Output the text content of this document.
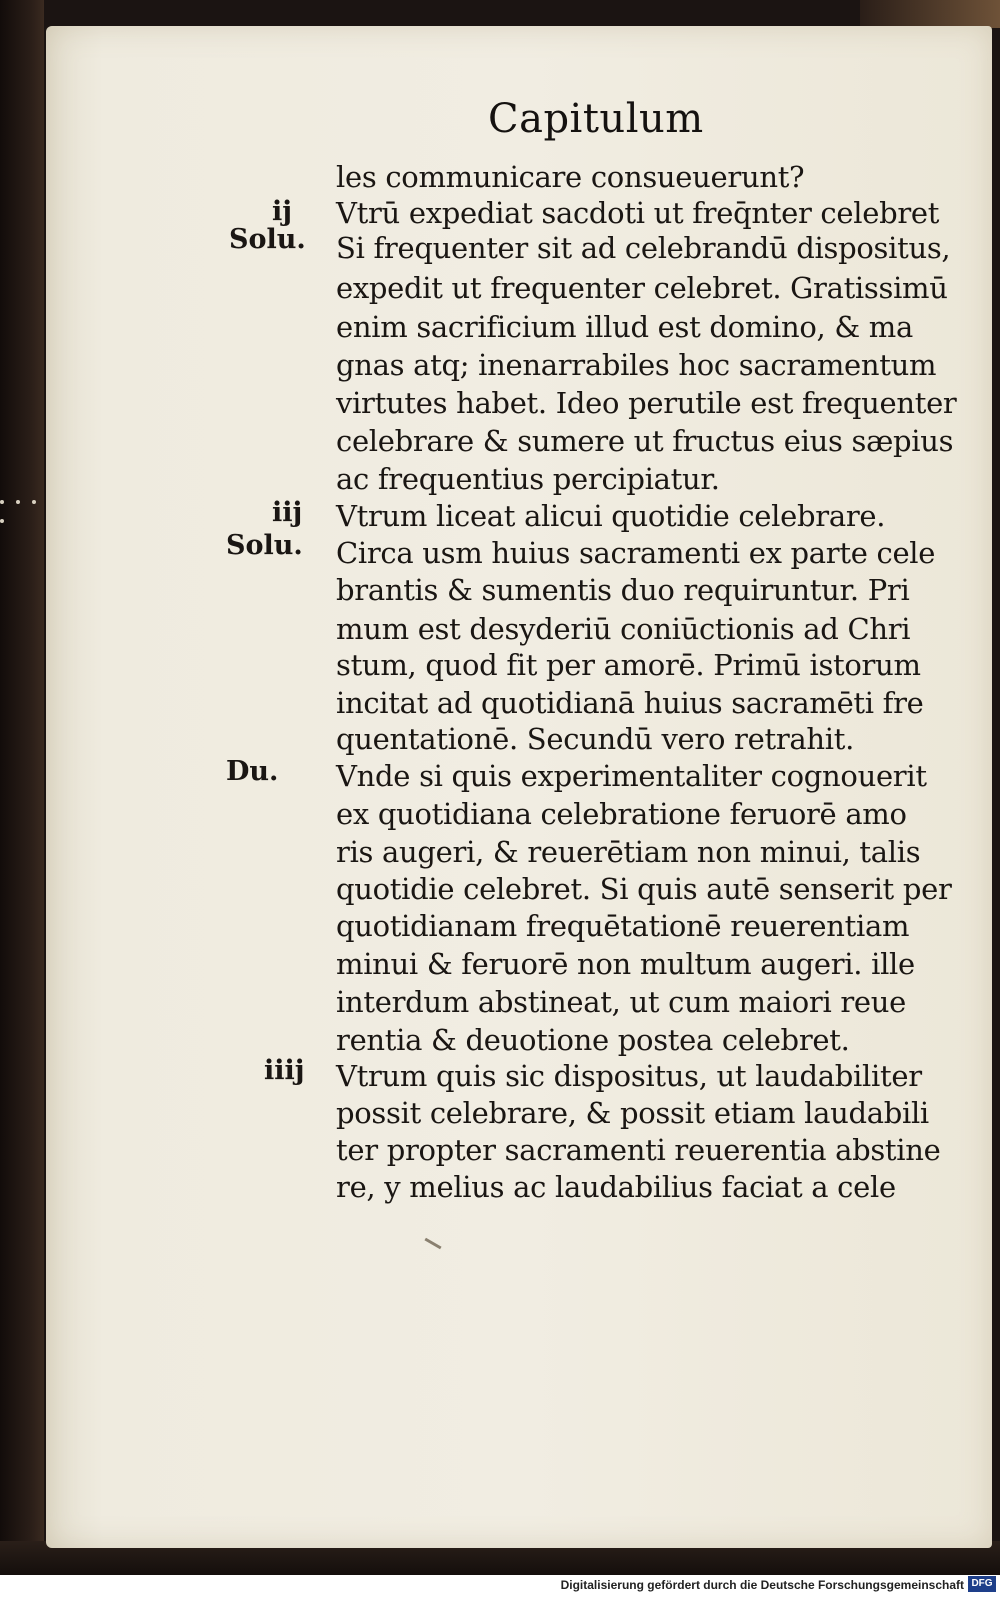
Capitulum
ij
Solu.
iij
Solu.
Du.
iiij
les communicare consueuerunt?
Vtrū expediat sacdoti ut freq̄nter celebret
Si frequenter sit ad celebrandū dispositus,
expedit ut frequenter celebret. Gratissimū
enim sacrificium illud est domino, & ma
gnas atq; inenarrabiles hoc sacramentum
virtutes habet. Ideo perutile est frequenter
celebrare & sumere ut fructus eius sæpius
ac frequentius percipiatur.
Vtrum liceat alicui quotidie celebrare.
Circa usm huius sacramenti ex parte cele
brantis & sumentis duo requiruntur. Pri
mum est desyderiū coniūctionis ad Chri
stum, quod fit per amorē. Primū istorum
incitat ad quotidianā huius sacramēti fre
quentationē. Secundū vero retrahit.
Vnde si quis experimentaliter cognouerit
ex quotidiana celebratione feruorē amo
ris augeri, & reuerētiam non minui, talis
quotidie celebret. Si quis autē senserit per
quotidianam frequētationē reuerentiam
minui & feruorē non multum augeri. ille
interdum abstineat, ut cum maiori reue
rentia & deuotione postea celebret.
Vtrum quis sic dispositus, ut laudabiliter
possit celebrare, & possit etiam laudabili
ter propter sacramenti reuerentia abstine
re, y melius ac laudabilius faciat a cele
Digitalisierung gefördert durch die Deutsche Forschungsgemeinschaft DFG
